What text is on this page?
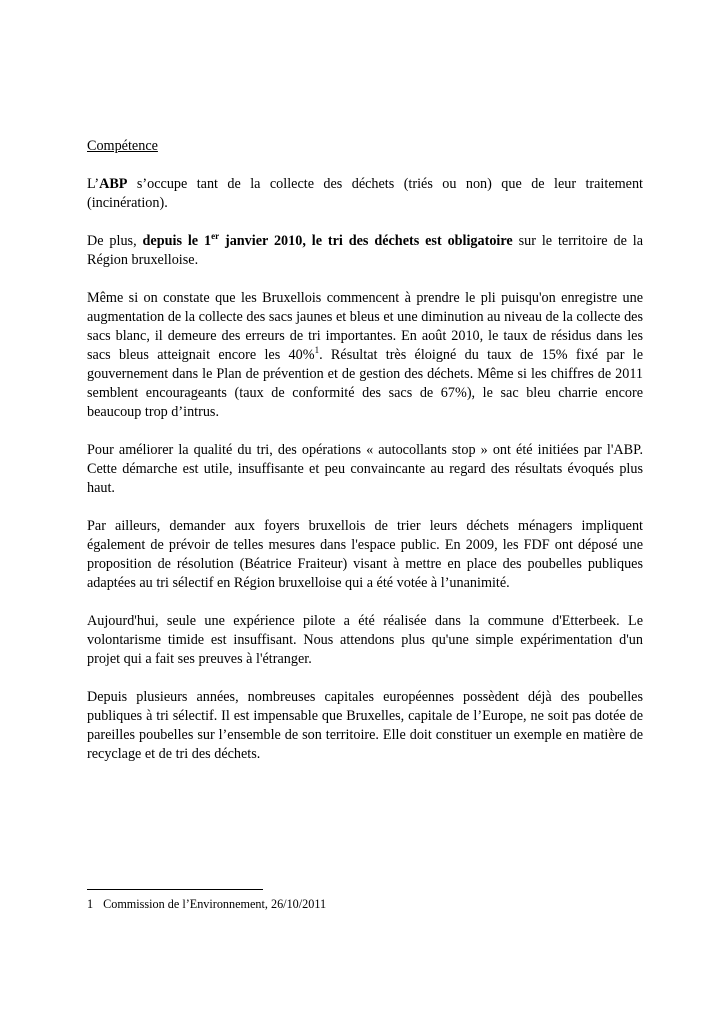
Compétence

L’ABP s’occupe tant de la collecte des déchets (triés ou non) que de leur traitement (incinération).

De plus, depuis le 1er janvier 2010, le tri des déchets est obligatoire sur le territoire de la Région bruxelloise.

Même si on constate que les Bruxellois commencent à prendre le pli puisqu'on enregistre une augmentation de la collecte des sacs jaunes et bleus et une diminution au niveau de la collecte des sacs blanc, il demeure des erreurs de tri importantes. En août 2010, le taux de résidus dans les sacs bleus atteignait encore les 40%$^1$. Résultat très éloigné du taux de 15% fixé par le gouvernement dans le Plan de prévention et de gestion des déchets. Même si les chiffres de 2011 semblent encourageants (taux de conformité des sacs de 67%), le sac bleu charrie encore beaucoup trop d’intrus.

Pour améliorer la qualité du tri, des opérations « autocollants stop » ont été initiées par l'ABP. Cette démarche est utile, insuffisante et peu convaincante au regard des résultats évoqués plus haut.

Par ailleurs, demander aux foyers bruxellois de trier leurs déchets ménagers impliquent également de prévoir de telles mesures dans l'espace public. En 2009, les FDF ont déposé une proposition de résolution (Béatrice Fraiteur) visant à mettre en place des poubelles publiques adaptées au tri sélectif en Région bruxelloise qui a été votée à l’unanimité.

Aujourd'hui, seule une expérience pilote a été réalisée dans la commune d'Etterbeek. Le volontarisme timide est insuffisant. Nous attendons plus qu'une simple expérimentation d'un projet qui a fait ses preuves à l'étranger.

Depuis plusieurs années, nombreuses capitales européennes possèdent déjà des poubelles publiques à tri sélectif. Il est impensable que Bruxelles, capitale de l’Europe, ne soit pas dotée de pareilles poubelles sur l’ensemble de son territoire. Elle doit constituer un exemple en matière de recyclage et de tri des déchets.

1 Commission de l’Environnement, 26/10/2011
